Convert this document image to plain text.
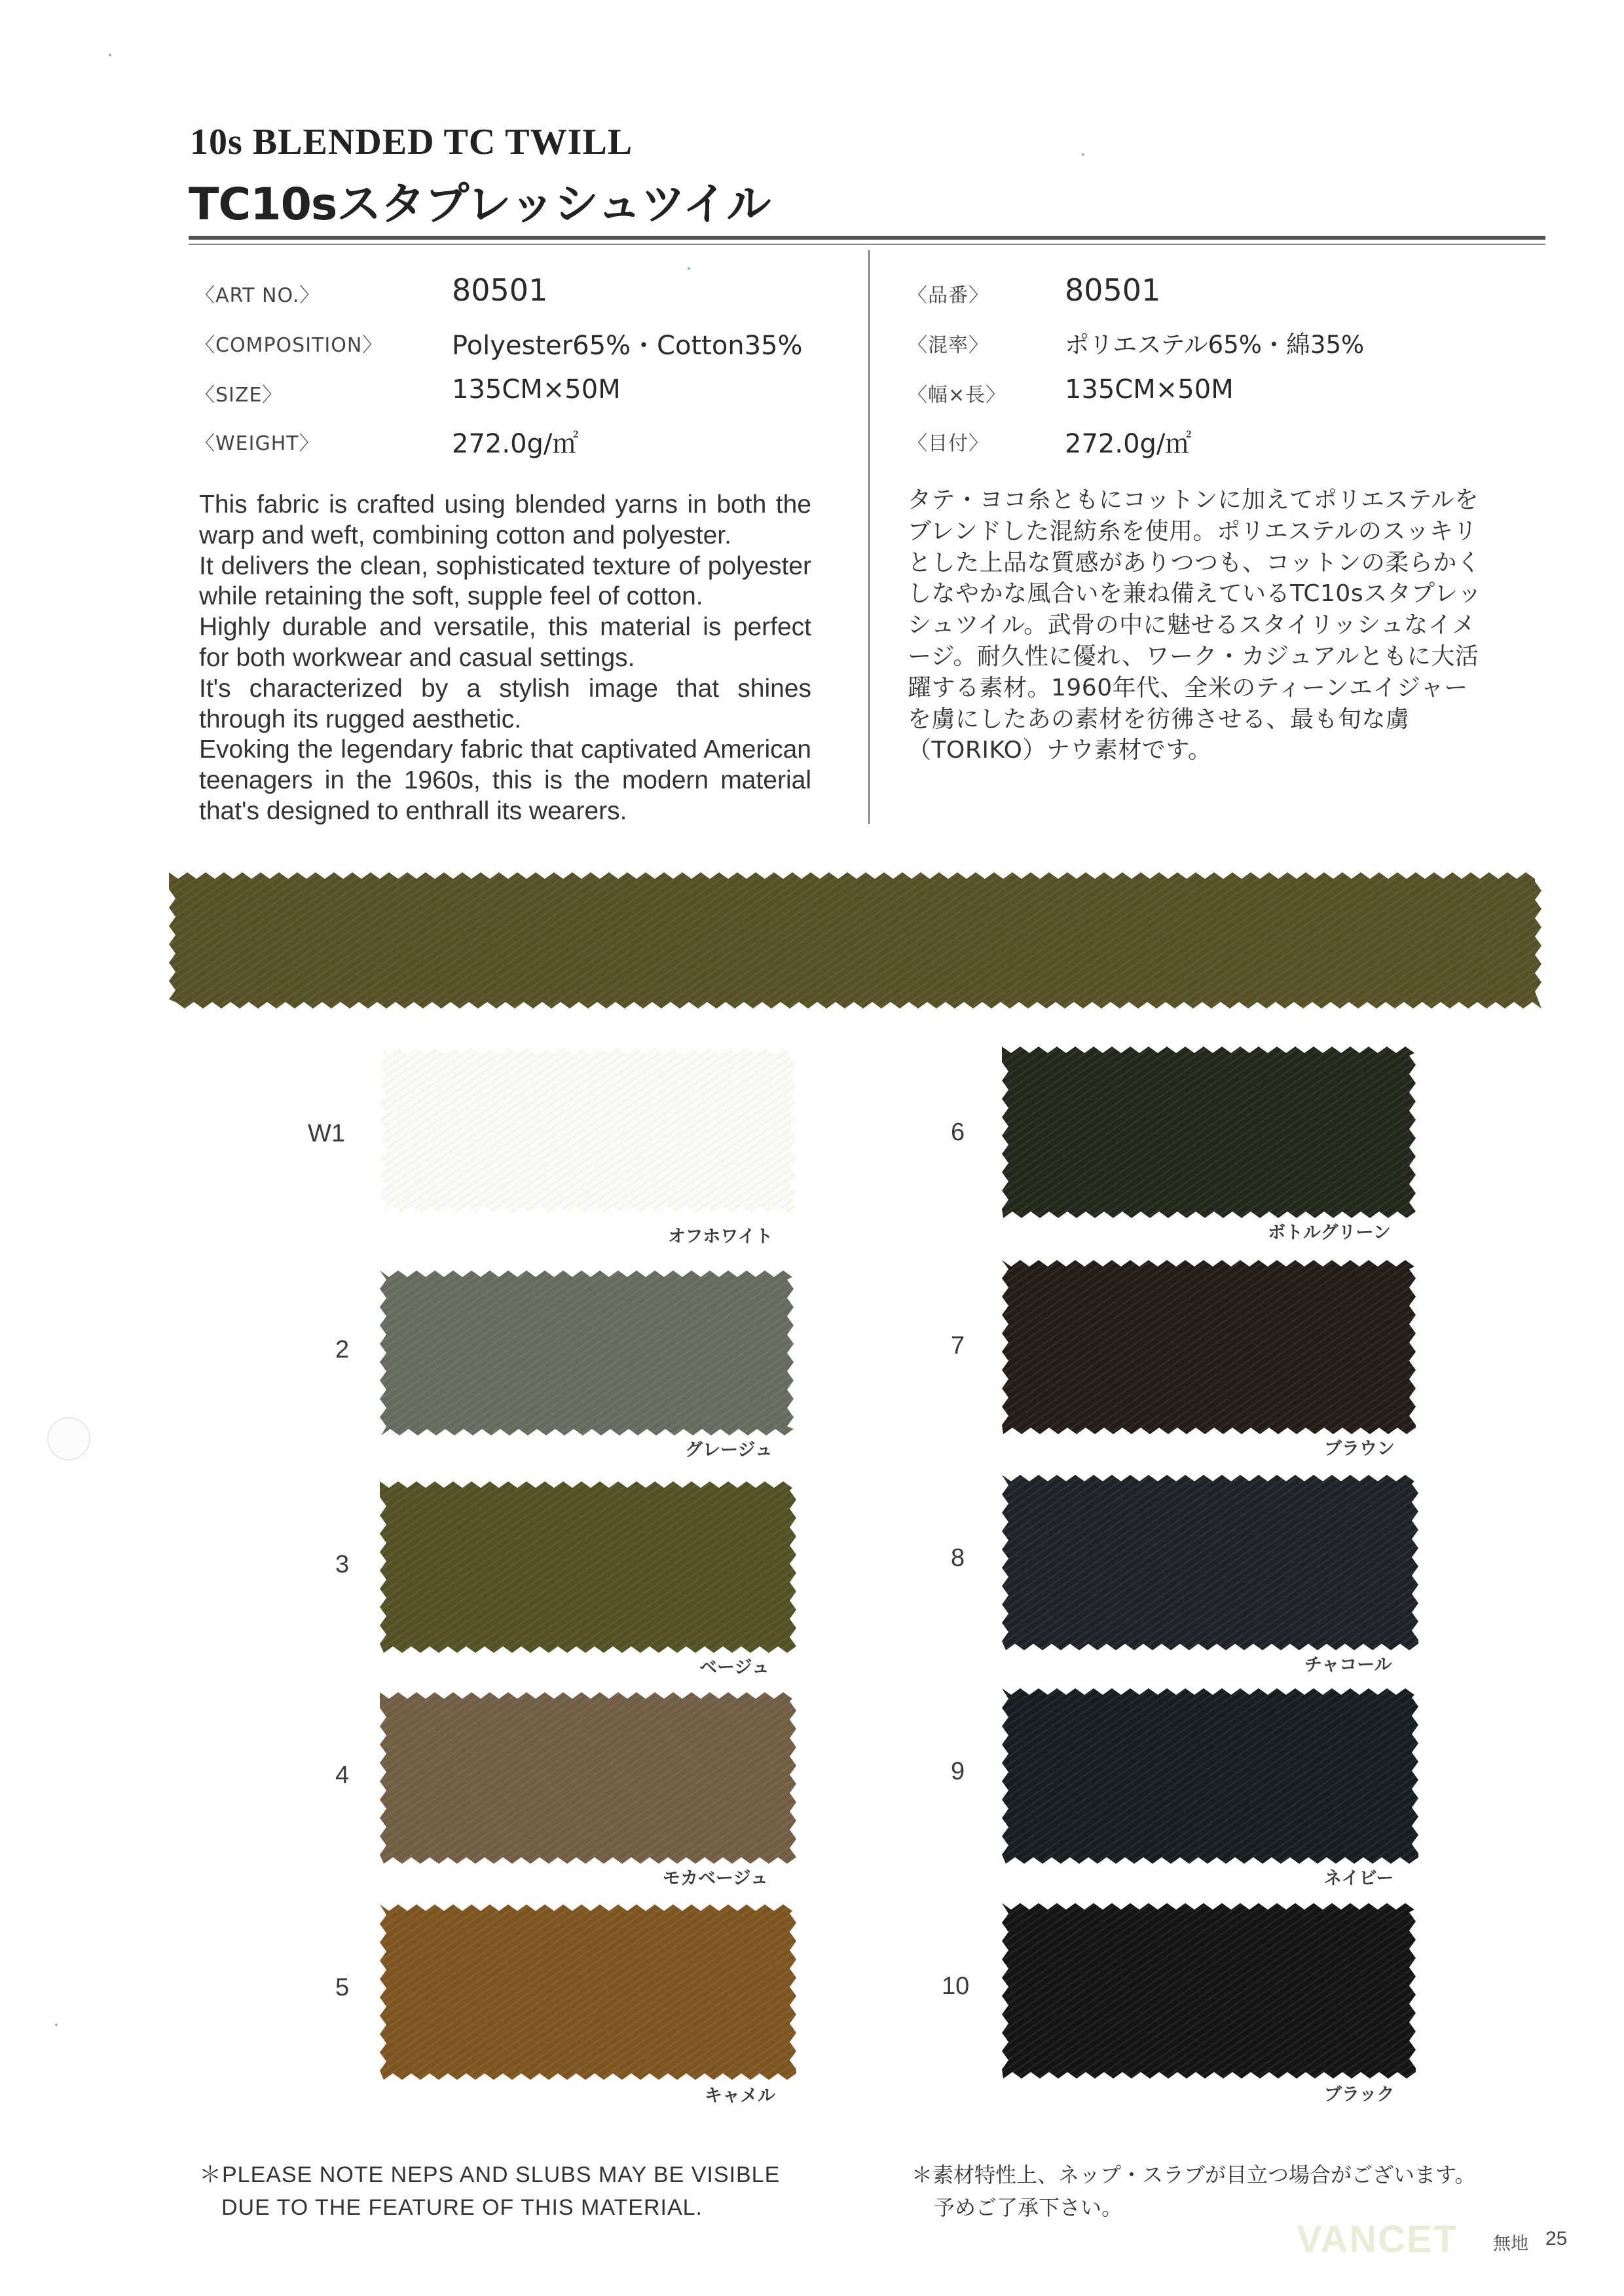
10s BLENDED TC TWILL
TC10sスタプレッシュツイル
〈ART NO.〉	80501
〈COMPOSITION〉	Polyester65%・Cotton35%
〈SIZE〉	135CM×50M
〈WEIGHT〉	272.0g/㎡
〈品番〉	80501
〈混率〉	ポリエステル65%・綿35%
〈幅×長〉 135CM×50M
〈目付〉	272.0g/㎡

This fabric is crafted using blended yarns in both the warp and weft, combining cotton and polyester.

It delivers the clean, sophisticated texture of polyester while retaining the soft, supple feel of cotton.

Highly durable and versatile, this material is perfect for both workwear and casual settings.

It's characterized by a stylish image that shines through its rugged aesthetic.

Evoking the legendary fabric that captivated American teenagers in the 1960s, this is the modern material that's designed to enthrall its wearers.

タテ・ヨコ糸ともにコットンに加えてポリエステルを
ブレンドした混紡糸を使用。ポリエステルのスッキリ
とした上品な質感がありつつも、コットンの柔らかく
しなやかな風合いを兼ね備えているTC10sスタプレッ
シュツイル。武骨の中に魅せるスタイリッシュなイメ
ージ。耐久性に優れ、ワーク・カジュアルともに大活
躍する素材。1960年代、全米のティーンエイジャー
を虜にしたあの素材を彷彿させる、最も旬な虜
（TORIKO）ナウ素材です。
W1
オフホワイト
2
グレージュ
3
ベージュ
4
モカベージュ
5
キャメル
6
ボトルグリーン
7
ブラウン
8
チャコール
9
ネイビー
10
ブラック
＊PLEASE NOTE NEPS AND SLUBS MAY BE VISIBLE
DUE TO THE FEATURE OF THIS MATERIAL.
＊素材特性上、ネップ・スラブが目立つ場合がございます。
予めご了承下さい。
VANCET 無地 25
